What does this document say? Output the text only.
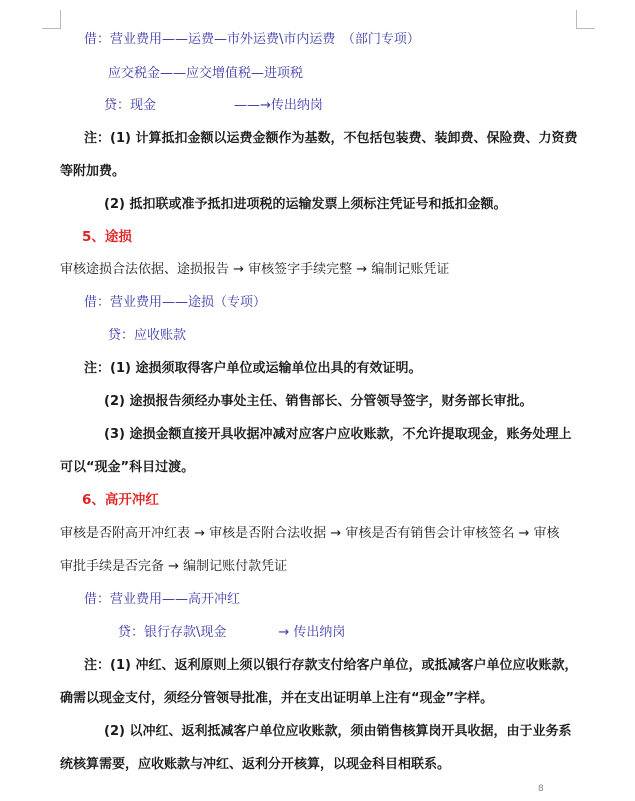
借：营业费用——运费—市外运费\市内运费　（部门专项）
应交税金——应交增值税—进项税
贷：现金　　　　　　——→传出纳岗
注：(1) 计算抵扣金额以运费金额作为基数，不包括包装费、装卸费、保险费、力资费
等附加费。
(2) 抵扣联或准予抵扣进项税的运输发票上须标注凭证号和抵扣金额。
5、途损
审核途损合法依据、途损报告 → 审核签字手续完整 → 编制记账凭证
借：营业费用——途损（专项）
贷：应收账款
注：(1) 途损须取得客户单位或运输单位出具的有效证明。
(2) 途损报告须经办事处主任、销售部长、分管领导签字，财务部长审批。
(3) 途损金额直接开具收据冲减对应客户应收账款，不允许提取现金，账务处理上
可以“现金”科目过渡。
6、高开冲红
审核是否附高开冲红表 → 审核是否附合法收据 → 审核是否有销售会计审核签名 → 审核
审批手续是否完备 → 编制记账付款凭证
借：营业费用——高开冲红
贷：银行存款\现金　　　　→ 传出纳岗
注：(1) 冲红、返利原则上须以银行存款支付给客户单位，或抵减客户单位应收账款，
确需以现金支付，须经分管领导批准，并在支出证明单上注有“现金”字样。
(2) 以冲红、返利抵减客户单位应收账款，须由销售核算岗开具收据，由于业务系
统核算需要，应收账款与冲红、返利分开核算，以现金科目相联系。
8
